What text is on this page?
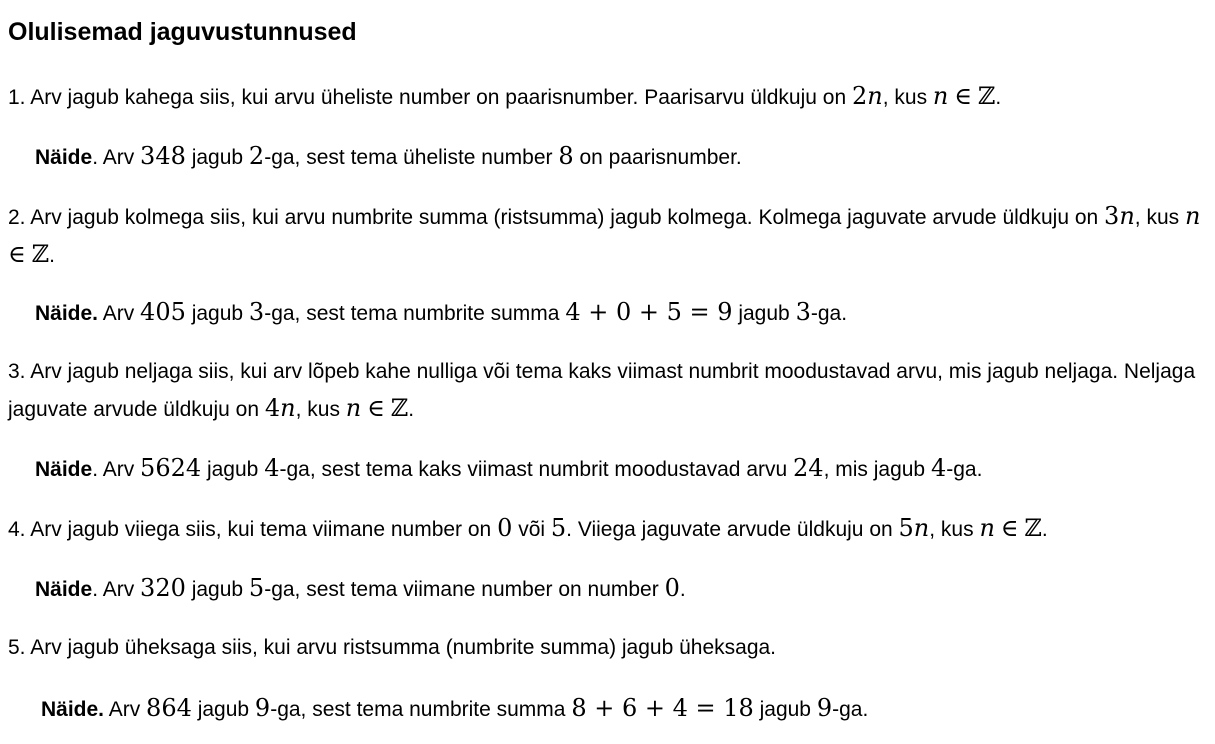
Olulisemad jaguvustunnused

1. Arv jagub kahega siis, kui arvu üheliste number on paarisnumber. Paarisarvu üldkuju on 2n, kus n ∈ ℤ.

Näide. Arv 348 jagub 2-ga, sest tema üheliste number 8 on paarisnumber.

2. Arv jagub kolmega siis, kui arvu numbrite summa (ristsumma) jagub kolmega. Kolmega jaguvate arvude üldkuju on 3n, kus n ∈ ℤ.

Näide. Arv 405 jagub 3-ga, sest tema numbrite summa 4 + 0 + 5 = 9 jagub 3-ga.

3. Arv jagub neljaga siis, kui arv lõpeb kahe nulliga või tema kaks viimast numbrit moodustavad arvu, mis jagub neljaga. Neljaga jaguvate arvude üldkuju on 4n, kus n ∈ ℤ.

Näide. Arv 5624 jagub 4-ga, sest tema kaks viimast numbrit moodustavad arvu 24, mis jagub 4-ga.

4. Arv jagub viiega siis, kui tema viimane number on 0 või 5. Viiega jaguvate arvude üldkuju on 5n, kus n ∈ ℤ.

Näide. Arv 320 jagub 5-ga, sest tema viimane number on number 0.

5. Arv jagub üheksaga siis, kui arvu ristsumma (numbrite summa) jagub üheksaga.

Näide. Arv 864 jagub 9-ga, sest tema numbrite summa 8 + 6 + 4 = 18 jagub 9-ga.
